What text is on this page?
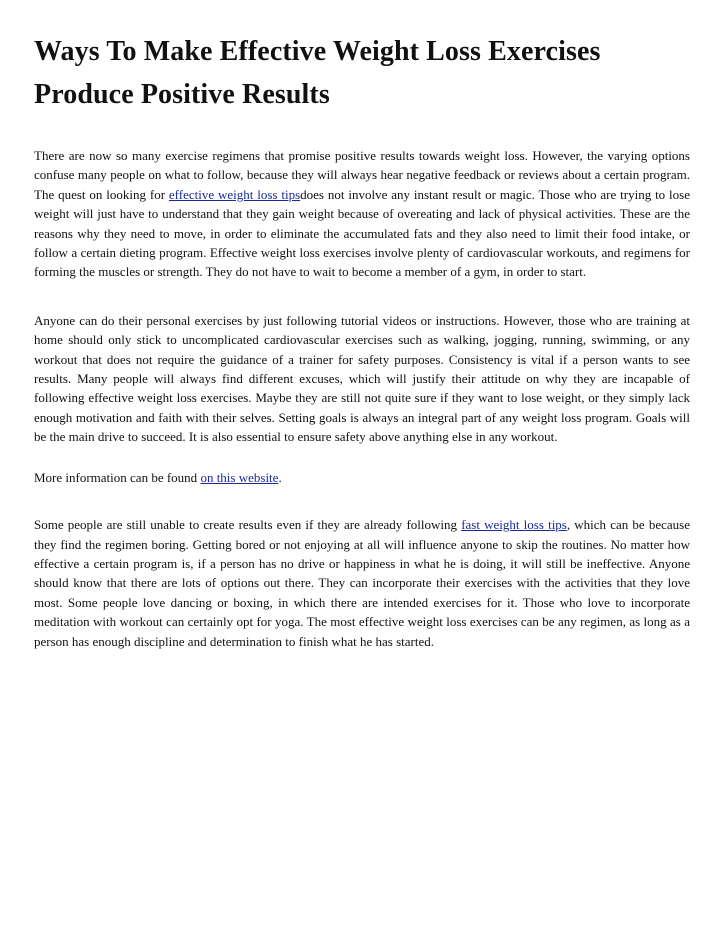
Ways To Make Effective Weight Loss Exercises Produce Positive Results

There are now so many exercise regimens that promise positive results towards weight loss. However, the varying options confuse many people on what to follow, because they will always hear negative feedback or reviews about a certain program. The quest on looking for effective weight loss tipsdoes not involve any instant result or magic. Those who are trying to lose weight will just have to understand that they gain weight because of overeating and lack of physical activities. These are the reasons why they need to move, in order to eliminate the accumulated fats and they also need to limit their food intake, or follow a certain dieting program. Effective weight loss exercises involve plenty of cardiovascular workouts, and regimens for forming the muscles or strength. They do not have to wait to become a member of a gym, in order to start.

Anyone can do their personal exercises by just following tutorial videos or instructions. However, those who are training at home should only stick to uncomplicated cardiovascular exercises such as walking, jogging, running, swimming, or any workout that does not require the guidance of a trainer for safety purposes. Consistency is vital if a person wants to see results. Many people will always find different excuses, which will justify their attitude on why they are incapable of following effective weight loss exercises. Maybe they are still not quite sure if they want to lose weight, or they simply lack enough motivation and faith with their selves. Setting goals is always an integral part of any weight loss program. Goals will be the main drive to succeed. It is also essential to ensure safety above anything else in any workout.

More information can be found on this website.

Some people are still unable to create results even if they are already following fast weight loss tips, which can be because they find the regimen boring. Getting bored or not enjoying at all will influence anyone to skip the routines. No matter how effective a certain program is, if a person has no drive or happiness in what he is doing, it will still be ineffective. Anyone should know that there are lots of options out there. They can incorporate their exercises with the activities that they love most. Some people love dancing or boxing, in which there are intended exercises for it. Those who love to incorporate meditation with workout can certainly opt for yoga. The most effective weight loss exercises can be any regimen, as long as a person has enough discipline and determination to finish what he has started.
